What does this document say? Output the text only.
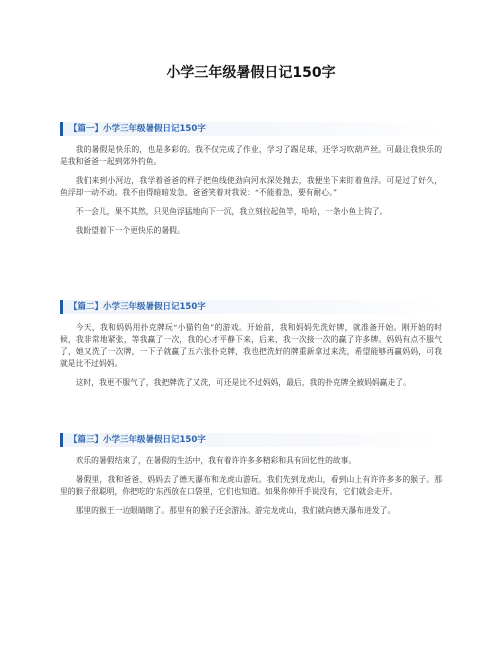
小学三年级暑假日记150字
【篇一】小学三年级暑假日记150字

我的暑假是快乐的，也是多彩的。我不仅完成了作业，学习了踢足球，还学习吹葫芦丝。可最让我快乐的是我和爸爸一起到郊外钓鱼。

我们来到小河边，我学着爸爸的样子把鱼线使劲向河水深处抛去，我便坐下来盯着鱼浮。可是过了好久，鱼浮却一动不动。我不由得暗暗发急，爸爸笑着对我说：“不能着急，要有耐心。”

不一会儿，果不其然，只见鱼浮猛地向下一沉，我立刻拉起鱼竿，哈哈，一条小鱼上钩了。

我盼望着下一个更快乐的暑假。

【篇二】小学三年级暑假日记150字

今天，我和妈妈用扑克牌玩“小猫钓鱼”的游戏。开始前，我和妈妈先洗好牌，就准备开始。刚开始的时候，我非常地紧张，等我赢了一次，我的心才平静下来，后来，我一次接一次的赢了许多牌。妈妈有点不服气了，她又洗了一次牌，一下子就赢了五六张扑克牌，我也把洗好的牌重新拿过来洗，希望能够再赢妈妈，可我就是比不过妈妈。

这时，我更不服气了，我把牌洗了又洗，可还是比不过妈妈，最后，我的扑克牌全被妈妈赢走了。

【篇三】小学三年级暑假日记150字

欢乐的暑假结束了，在暑假的生活中，我有着许许多多精彩和具有回忆性的故事。

暑假里，我和爸爸、妈妈去了德天瀑布和龙虎山游玩。我们先到龙虎山，看到山上有许许多多的猴子。那里的猴子很聪明，你把吃的'东西放在口袋里，它们也知道。如果你伸开手说没有，它们就会走开。

那里的猴王一边眼睛瞎了。那里有的猴子还会游泳。游完龙虎山，我们就向德天瀑布进发了。
